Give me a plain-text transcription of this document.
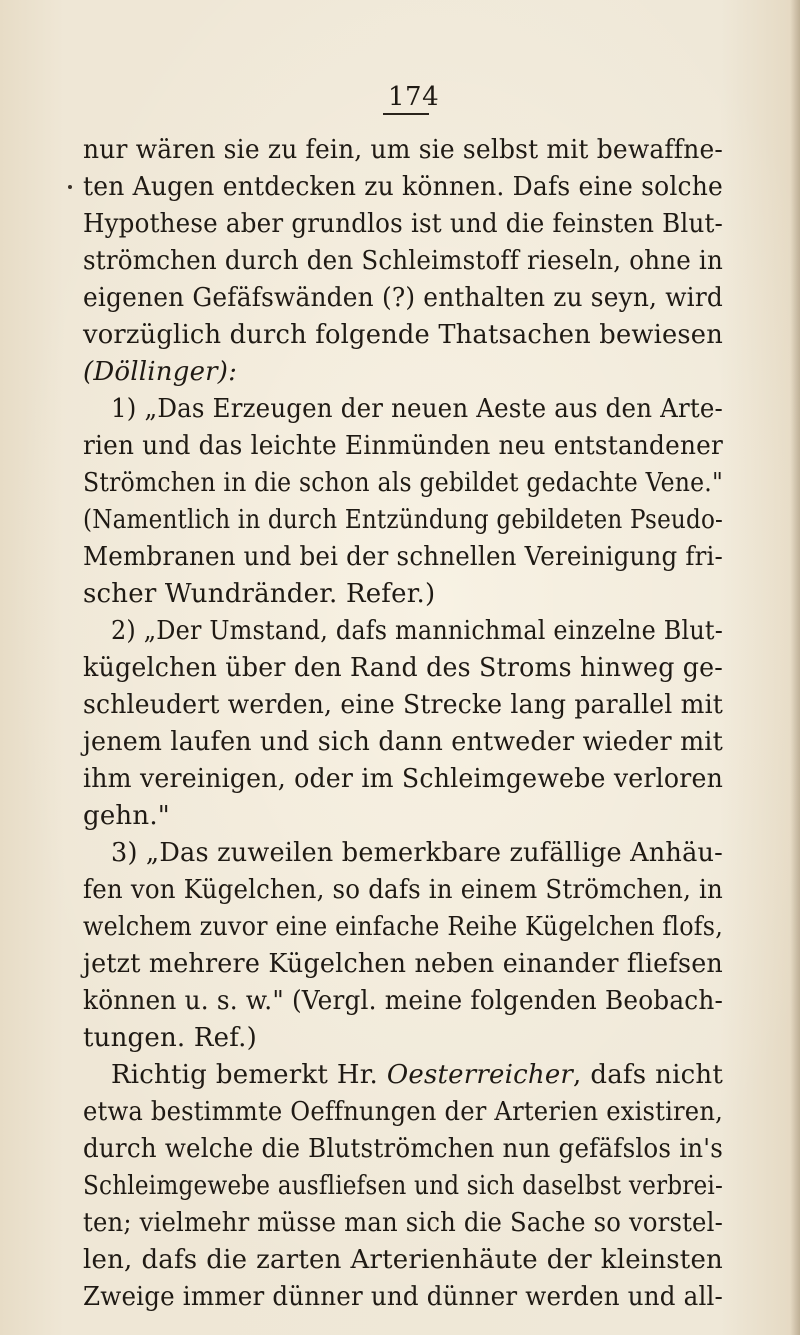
174
nur wären sie zu fein, um sie selbst mit bewaffne-
ten Augen entdecken zu können. Dafs eine solche
Hypothese aber grundlos ist und die feinsten Blut-
strömchen durch den Schleimstoff rieseln, ohne in
eigenen Gefäfswänden (?) enthalten zu seyn, wird
vorzüglich durch folgende Thatsachen bewiesen
(Döllinger):
1) „Das Erzeugen der neuen Aeste aus den Arte-
rien und das leichte Einmünden neu entstandener
Strömchen in die schon als gebildet gedachte Vene."
(Namentlich in durch Entzündung gebildeten Pseudo-
Membranen und bei der schnellen Vereinigung fri-
scher Wundränder. Refer.)
2) „Der Umstand, dafs mannichmal einzelne Blut-
kügelchen über den Rand des Stroms hinweg ge-
schleudert werden, eine Strecke lang parallel mit
jenem laufen und sich dann entweder wieder mit
ihm vereinigen, oder im Schleimgewebe verloren
gehn."
3) „Das zuweilen bemerkbare zufällige Anhäu-
fen von Kügelchen, so dafs in einem Strömchen, in
welchem zuvor eine einfache Reihe Kügelchen flofs,
jetzt mehrere Kügelchen neben einander fliefsen
können u. s. w." (Vergl. meine folgenden Beobach-
tungen. Ref.)
Richtig bemerkt Hr. Oesterreicher, dafs nicht
etwa bestimmte Oeffnungen der Arterien existiren,
durch welche die Blutströmchen nun gefäfslos in's
Schleimgewebe ausfliefsen und sich daselbst verbrei-
ten; vielmehr müsse man sich die Sache so vorstel-
len, dafs die zarten Arterienhäute der kleinsten
Zweige immer dünner und dünner werden und all-
